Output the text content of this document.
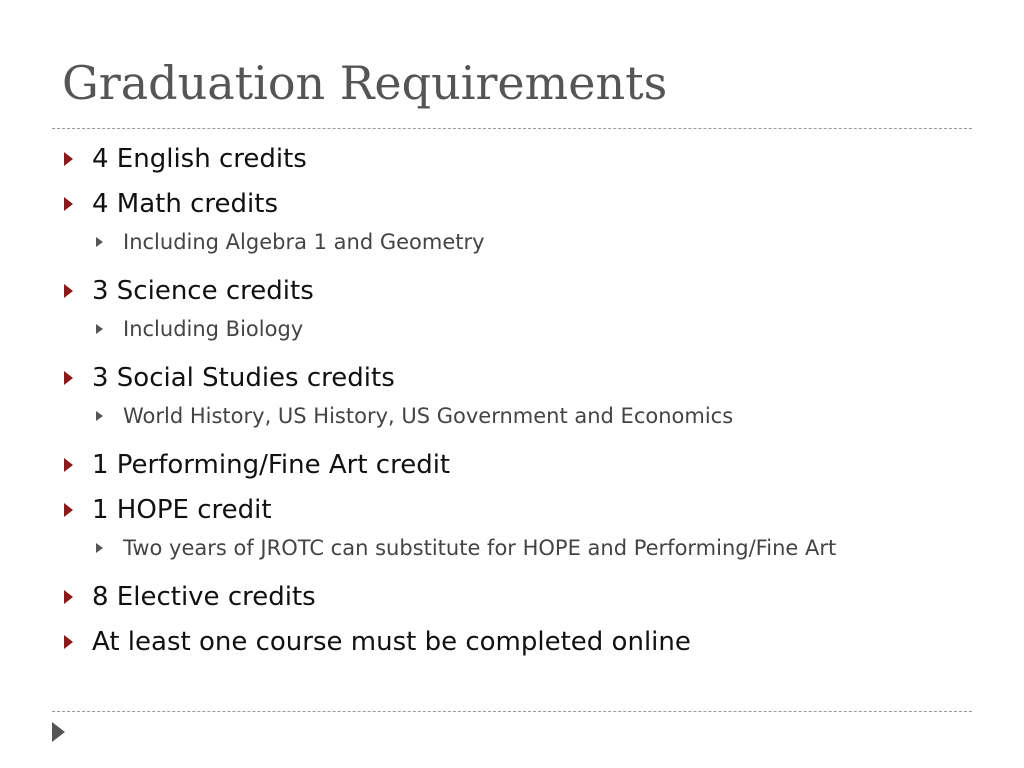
Graduation Requirements
4 English credits
4 Math credits
Including Algebra 1 and Geometry
3 Science credits
Including Biology
3 Social Studies credits
World History, US History, US Government and Economics
1 Performing/Fine Art credit
1 HOPE credit
Two years of JROTC can substitute for HOPE and Performing/Fine Art
8 Elective credits
At least one course must be completed online
